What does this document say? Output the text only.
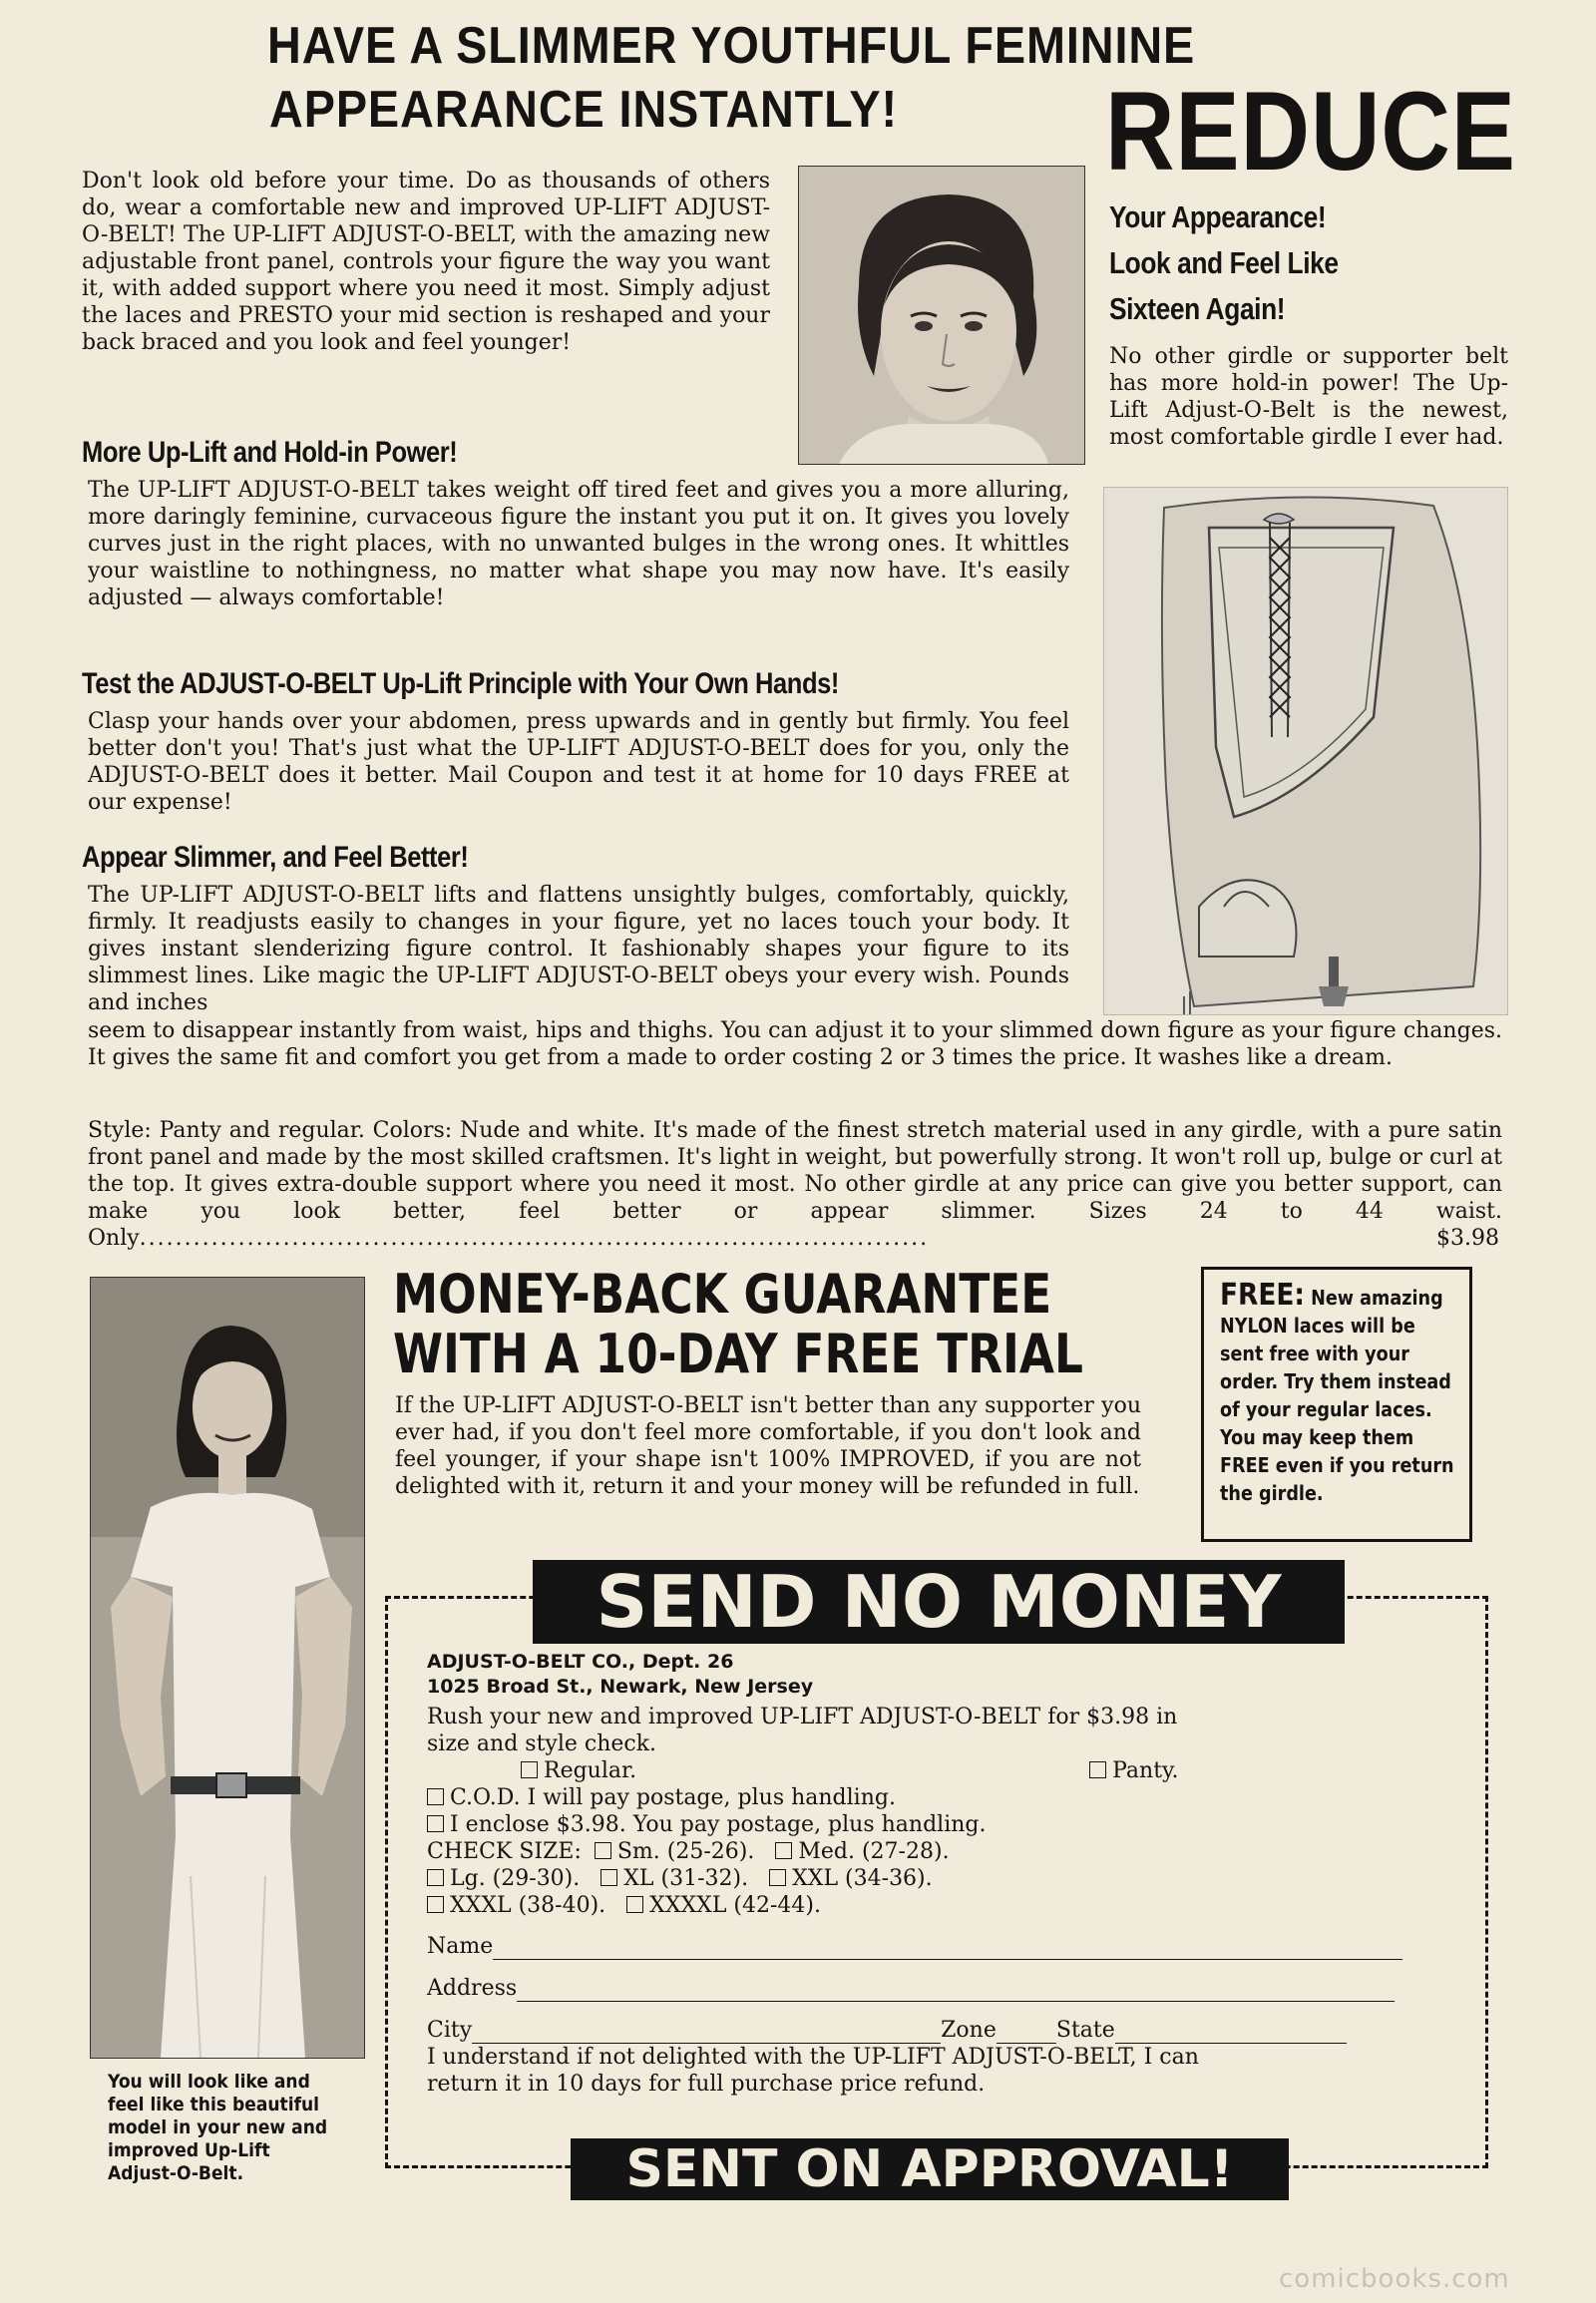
HAVE A SLIMMER YOUTHFUL FEMININE
APPEARANCE INSTANTLY! REDUCE
Your Appearance!
Look and Feel Like
Sixteen Again!

No other girdle or supporter belt has more hold-in power! The Up-Lift Adjust-O-Belt is the newest, most comfortable girdle I ever had.

Don't look old before your time. Do as thousands of others do, wear a comfortable new and improved UP-LIFT ADJUST-O-BELT! The UP-LIFT ADJUST-O-BELT, with the amazing new adjustable front panel, controls your figure the way you want it, with added support where you need it most. Simply adjust the laces and PRESTO your mid section is reshaped and your back braced and you look and feel younger!

More Up-Lift and Hold-in Power!

The UP-LIFT ADJUST-O-BELT takes weight off tired feet and gives you a more alluring, more daringly feminine, curvaceous figure the instant you put it on. It gives you lovely curves just in the right places, with no unwanted bulges in the wrong ones. It whittles your waistline to nothingness, no matter what shape you may now have. It's easily adjusted — always comfortable!

Test the ADJUST-O-BELT Up-Lift Principle with Your Own Hands!

Clasp your hands over your abdomen, press upwards and in gently but firmly. You feel better don't you! That's just what the UP-LIFT ADJUST-O-BELT does for you, only the ADJUST-O-BELT does it better. Mail Coupon and test it at home for 10 days FREE at our expense!

Appear Slimmer, and Feel Better!

The UP-LIFT ADJUST-O-BELT lifts and flattens unsightly bulges, comfortably, quickly, firmly. It readjusts easily to changes in your figure, yet no laces touch your body. It gives instant slenderizing figure control. It fashionably shapes your figure to its slimmest lines. Like magic the UP-LIFT ADJUST-O-BELT obeys your every wish. Pounds and inches

seem to disappear instantly from waist, hips and thighs. You can adjust it to your slimmed down figure as your figure changes. It gives the same fit and comfort you get from a made to order costing 2 or 3 times the price. It washes like a dream.

Style: Panty and regular. Colors: Nude and white. It's made of the finest stretch material used in any girdle, with a pure satin front panel and made by the most skilled craftsmen. It's light in weight, but powerfully strong. It won't roll up, bulge or curl at the top. It gives extra-double support where you need it most. No other girdle at any price can give you better support, can make you look better, feel better or appear slimmer. Sizes 24 to 44 waist. Only........................................................................................	$3.98

You will look like and feel like this beautiful model in your new and improved Up-Lift Adjust-O-Belt.

MONEY-BACK GUARANTEE
WITH A 10-DAY FREE TRIAL

If the UP-LIFT ADJUST-O-BELT isn't better than any supporter you ever had, if you don't feel more comfortable, if you don't look and feel younger, if your shape isn't 100% IMPROVED, if you are not delighted with it, return it and your money will be refunded in full.

FREE: New amazing NYLON laces will be sent free with your order. Try them instead of your regular laces. You may keep them FREE even if you return the girdle.

SEND NO MONEY
ADJUST-O-BELT CO., Dept. 26
1025 Broad St., Newark, New Jersey

Rush your new and improved UP-LIFT ADJUST-O-BELT for $3.98 in

size and style check.

Regular.	Panty.

C.O.D. I will pay postage, plus handling.

I enclose $3.98. You pay postage, plus handling.

CHECK SIZE: Sm. (25-26). Med. (27-28).

Lg. (29-30). XL (31-32). XXL (34-36).

XXXL (38-40). XXXXL (42-44).

Name

Address

City	Zone	State

I understand if not delighted with the UP-LIFT ADJUST-O-BELT, I can

return it in 10 days for full purchase price refund.

SENT ON APPROVAL!
comicbooks.com
